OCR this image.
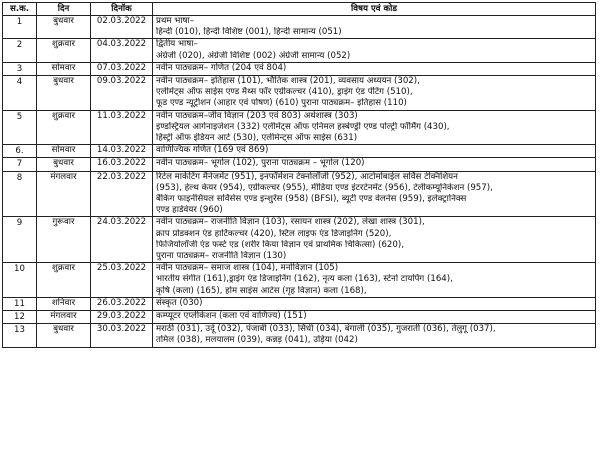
स.क.	दिन	दिनॉक	विषय एवं कोड
1	बुधवार	02.03.2022	प्रथम भाषा–
हिन्दी (010), हिन्दी विशिष्ट (001), हिन्दी सामान्य (051)

2	शुक्रवार	04.03.2022	द्वितीय भाषा–
अंग्रेजी (020), अंग्रेजी विशिष्ट (002) अंग्रेजी सामान्य (052)

3	सोमवार	07.03.2022	नवीन पाठ्यक्रम– गणित (204 एवं 804)

4	बुधवार	09.03.2022	नवीन पाठ्यक्रम– इतिहास (101), भौतिक शास्त्र (201), व्यवसाय अध्ययन (302),
एलीमेंट्स ऑफ साईस एण्ड मैथ्स फॉर एग्रीकल्चर (410), ड्राइंग एंड पेंटिंग (510),
फूड एण्ड न्यूट्रीशन (आहार एवं पोषण) (610) पुराना पाठ्यक्रम– इतिहास (110)

5	शुक्रवार	11.03.2022	नवीन पाठ्यक्रम–जीव विज्ञान (203 एवं 803) अर्थशास्त्र (303)
इण्डस्ट्रियल आर्गनाइजेशन (332) एलीमेंट्स ऑफ एनिमल हस्बेण्ड्री एण्ड पोल्ट्री फॉर्मिंग (430),
हिस्ट्री ऑफ इंडियन आर्ट (530), एलीमेन्ट्स ऑफ साईस (631)

6.	सोमवार	14.03.2022	वाणिज्यिक गणित (169 एवं 869)

7	बुधवार	16.03.2022	नवीन पाठ्यक्रम– भूगोल (102), पुराना पाठ्यक्रम – भूगोल (120)

8	मंगलवार	22.03.2022	रिटेल मार्केटिंग मैनेजमेंट (951), इनफॉर्मेशन टेक्नोलॉजी (952), आटोमोबाईल सर्विस टेक्निशियन
(953), हेल्थ केयर (954), एग्रीकल्चर (955), मीडिया एण्ड इंटरटेनमेंट (956), टेलीकम्यूनिकेशन (957),
बैंकिंग फाइनेंसियल सर्विसेस एण्ड इन्शुरेंस (958) (BFSI), ब्यूटी एण्ड वेलनेस (959), इलेक्ट्रानिक्स
एण्ड हार्डवेयर (960)

9	गुरूवार	24.03.2022	नवीन पाठ्यक्रम– राजनीति विज्ञान (103), रसायन शास्त्र (202), लेखा शास्त्र (301),
क्राप प्रोडक्शन एंड हार्टिकल्चर (420), स्टिल लाइफ एंड डिजाइनिंग (520),
फिजियोलॉजी एंड फर्स्ट एड (शरीर किया विज्ञान एवं प्राथमिक चिकित्सा) (620),
पुराना पाठ्यक्रम– राजनीति विज्ञान (130)

10	शुक्रवार	25.03.2022	नवीन पाठ्यक्रम– समाज शास्त्र (104), मनोविज्ञान (105)
भारतीय संगीत (161),ड्राइंग एंड डिजाइनिंग (162), नृत्य कला (163), स्टेनो टायपिंग (164),
कृषि (कला) (165), होम साइंस आर्टस (गृह विज्ञान) कला (168),

11	शनिवार	26.03.2022	संस्कृत (030)

12	मंगलवार	29.03.2022	कम्प्यूटर एप्लीकेशन (कला एवं वाणिज्य) (151)

13	बुधवार	30.03.2022	मराठी (031), उर्दू (032), पंजाबी (033), सिंधी (034), बंगाली (035), गुजराती (036), तेलुगू (037),
तमिल (038), मलयालम (039), कन्नड़ (041), उड़िया (042)
